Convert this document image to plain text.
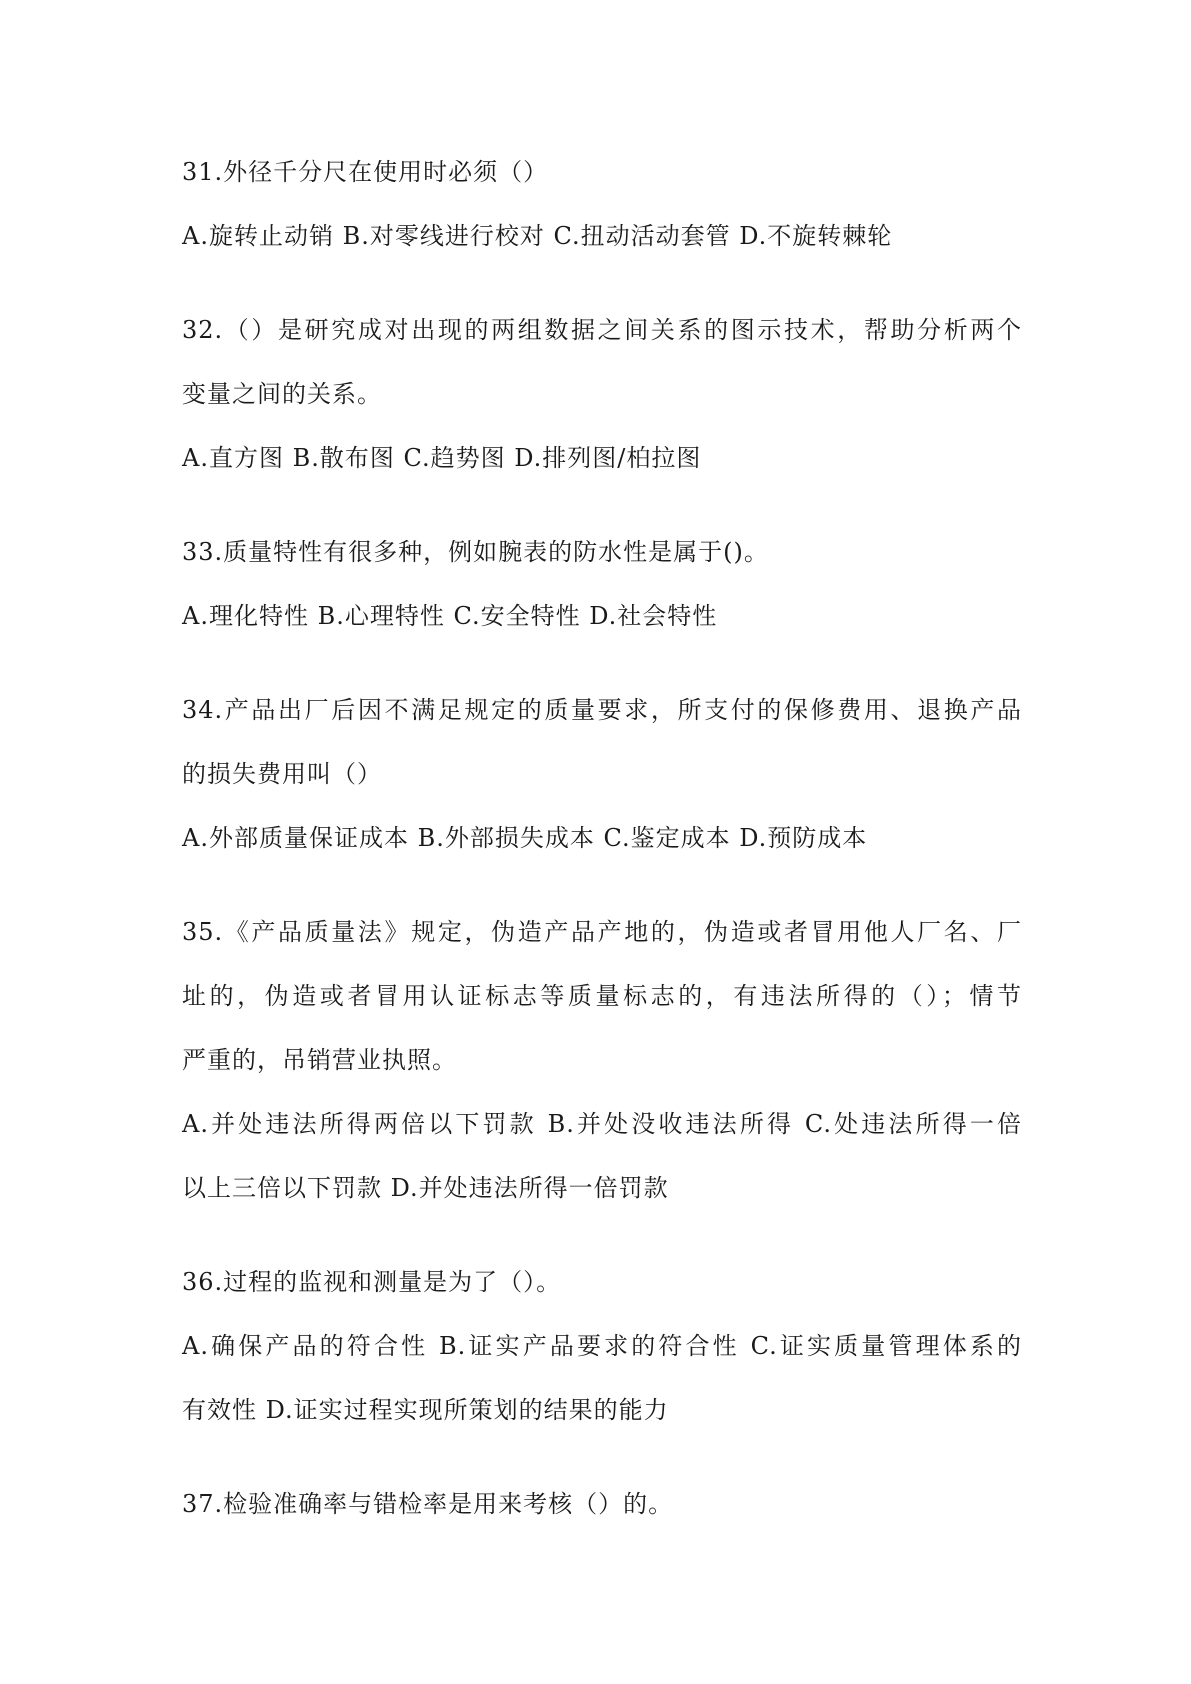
31.外径千分尺在使用时必须（）
A.旋转止动销 B.对零线进行校对 C.扭动活动套管 D.不旋转棘轮
32.（）是研究成对出现的两组数据之间关系的图示技术，帮助分析两个
变量之间的关系。
A.直方图 B.散布图 C.趋势图 D.排列图/柏拉图
33.质量特性有很多种，例如腕表的防水性是属于()。
A.理化特性 B.心理特性 C.安全特性 D.社会特性
34.产品出厂后因不满足规定的质量要求，所支付的保修费用、退换产品
的损失费用叫（）
A.外部质量保证成本 B.外部损失成本 C.鉴定成本 D.预防成本
35.《产品质量法》规定，伪造产品产地的，伪造或者冒用他人厂名、厂
址的，伪造或者冒用认证标志等质量标志的，有违法所得的（）；情节
严重的，吊销营业执照。
A.并处违法所得两倍以下罚款 B.并处没收违法所得 C.处违法所得一倍
以上三倍以下罚款 D.并处违法所得一倍罚款
36.过程的监视和测量是为了（）。
A.确保产品的符合性 B.证实产品要求的符合性 C.证实质量管理体系的
有效性 D.证实过程实现所策划的结果的能力
37.检验准确率与错检率是用来考核（）的。
